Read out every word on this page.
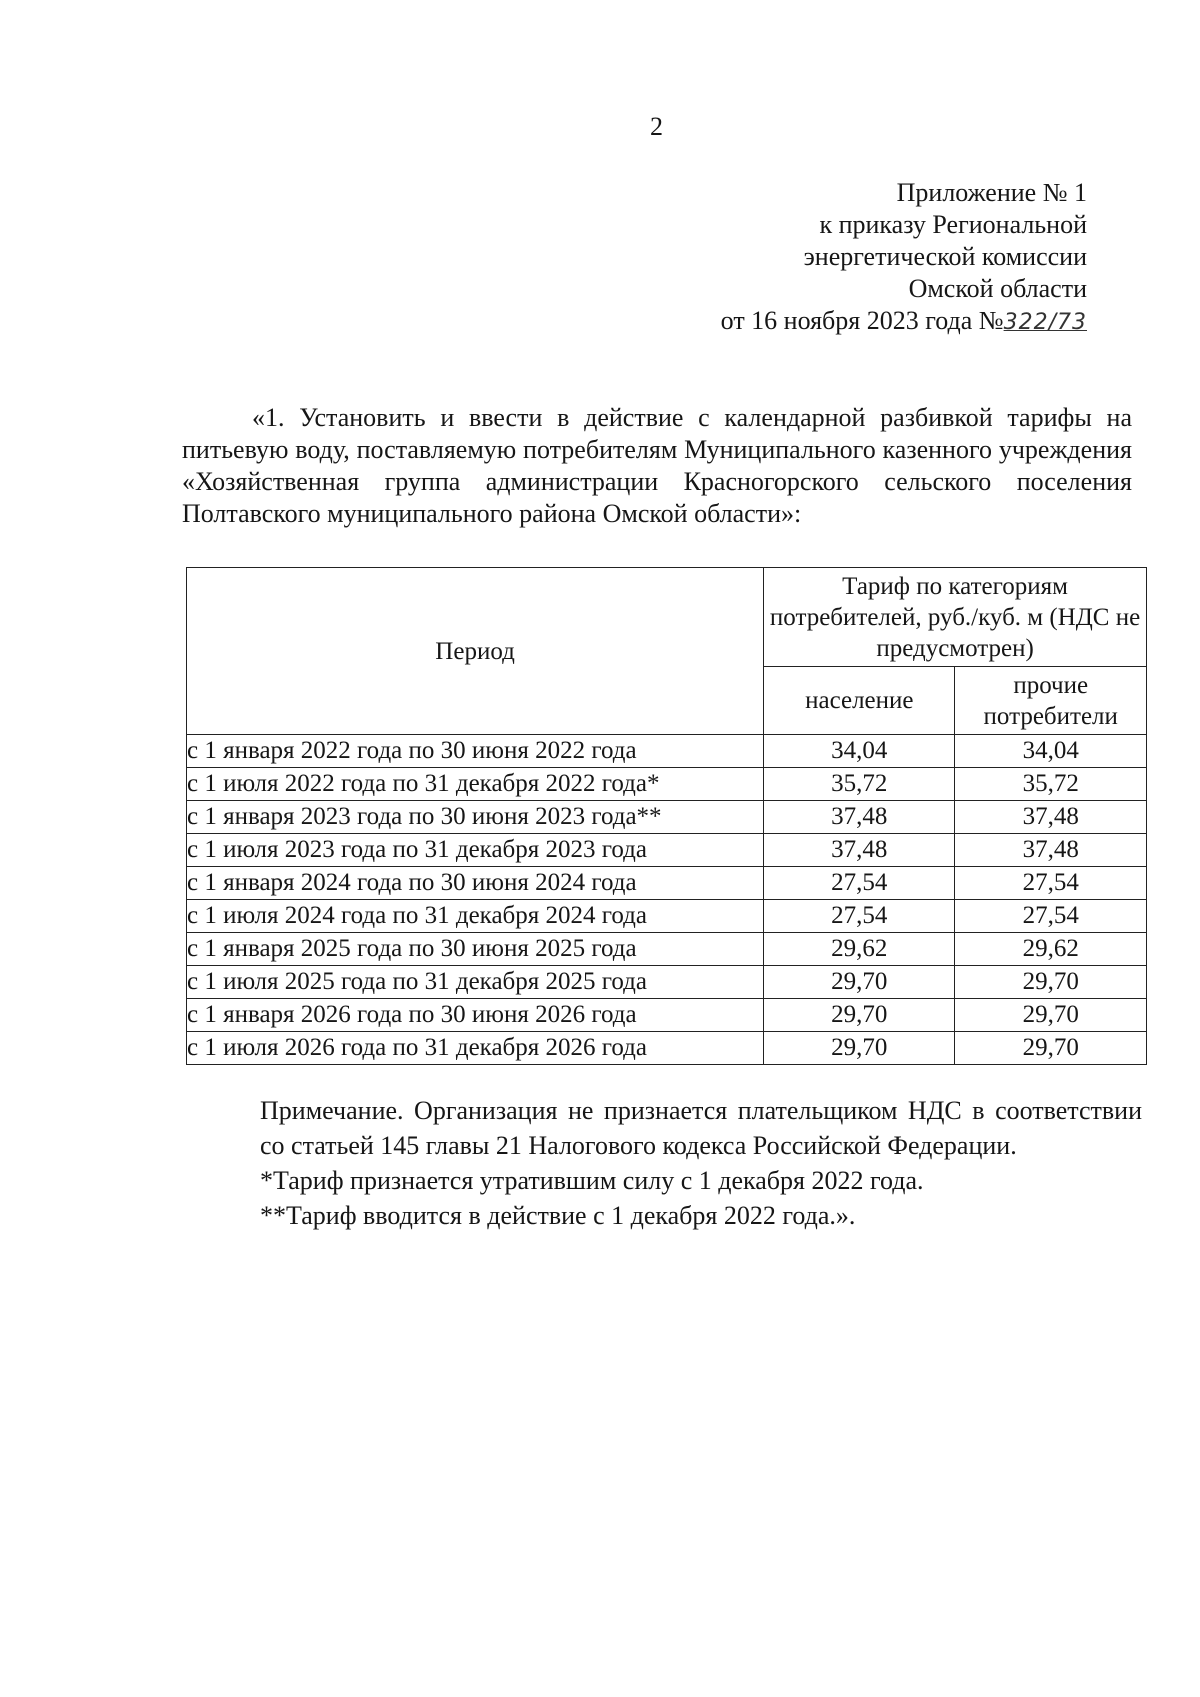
2
Приложение № 1
к приказу Региональной
энергетической комиссии
Омской области
от 16 ноября 2023 года №322/73
«1. Установить и ввести в действие с календарной разбивкой тарифы на питьевую воду, поставляемую потребителям Муниципального казенного учреждения «Хозяйственная группа администрации Красногорского сельского поселения Полтавского муниципального района Омской области»:
Период	Тариф по категориям потребителей, руб./куб. м (НДС не предусмотрен)	
	население	прочие потребители
с 1 января 2022 года по 30 июня 2022 года	34,04	34,04
с 1 июля 2022 года по 31 декабря 2022 года*	35,72	35,72
с 1 января 2023 года по 30 июня 2023 года**	37,48	37,48
с 1 июля 2023 года по 31 декабря 2023 года	37,48	37,48
с 1 января 2024 года по 30 июня 2024 года	27,54	27,54
с 1 июля 2024 года по 31 декабря 2024 года	27,54	27,54
с 1 января 2025 года по 30 июня 2025 года	29,62	29,62
с 1 июля 2025 года по 31 декабря 2025 года	29,70	29,70
с 1 января 2026 года по 30 июня 2026 года	29,70	29,70
с 1 июля 2026 года по 31 декабря 2026 года	29,70	29,70

Примечание. Организация не признается плательщиком НДС в соответствии со статьей 145 главы 21 Налогового кодекса Российской Федерации.

*Тариф признается утратившим силу с 1 декабря 2022 года.

**Тариф вводится в действие с 1 декабря 2022 года.».
